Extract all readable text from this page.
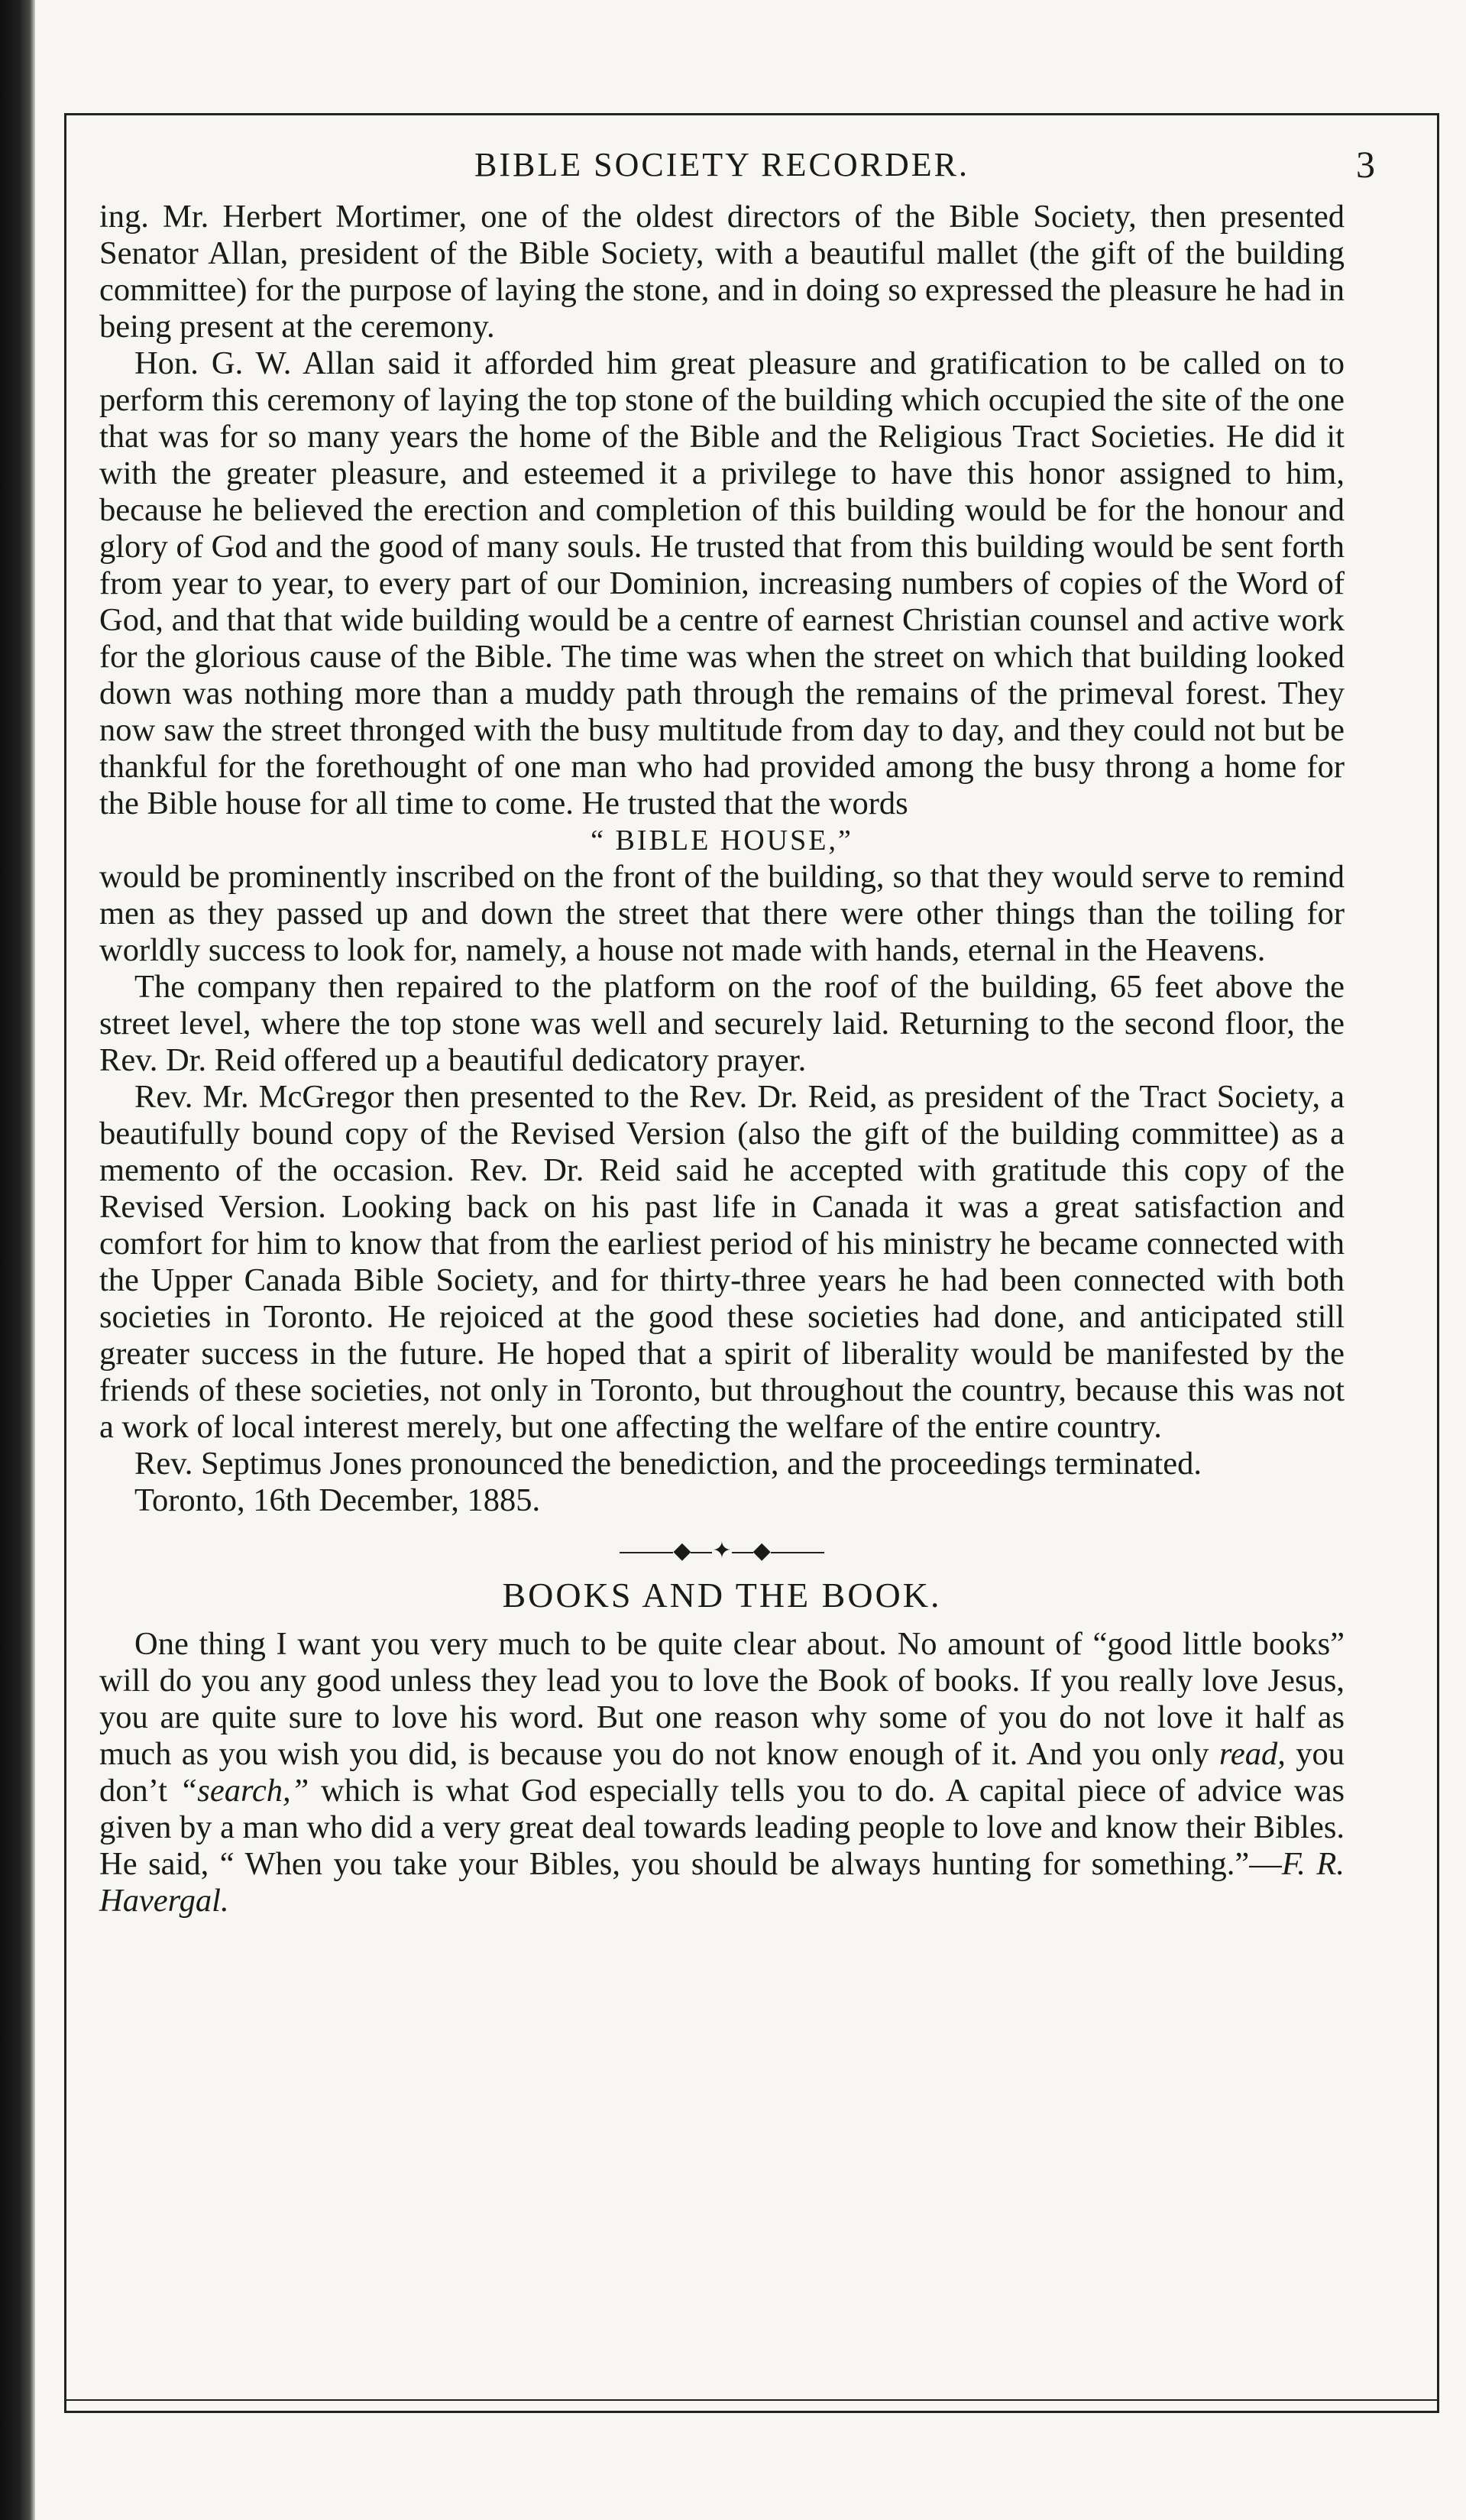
BIBLE SOCIETY RECORDER.	3

ing. Mr. Herbert Mortimer, one of the oldest directors of the Bible Society, then presented Senator Allan, president of the Bible Society, with a beautiful mallet (the gift of the building committee) for the purpose of laying the stone, and in doing so expressed the pleasure he had in being present at the ceremony.

Hon. G. W. Allan said it afforded him great pleasure and gratification to be called on to perform this ceremony of laying the top stone of the building which occupied the site of the one that was for so many years the home of the Bible and the Religious Tract Societies. He did it with the greater pleasure, and esteemed it a privilege to have this honor assigned to him, because he believed the erection and completion of this building would be for the honour and glory of God and the good of many souls. He trusted that from this building would be sent forth from year to year, to every part of our Dominion, increasing numbers of copies of the Word of God, and that that wide building would be a centre of earnest Christian counsel and active work for the glorious cause of the Bible. The time was when the street on which that building looked down was nothing more than a muddy path through the remains of the primeval forest. They now saw the street thronged with the busy multitude from day to day, and they could not but be thankful for the forethought of one man who had provided among the busy throng a home for the Bible house for all time to come. He trusted that the words

“ BIBLE HOUSE,”

would be prominently inscribed on the front of the building, so that they would serve to remind men as they passed up and down the street that there were other things than the toiling for worldly success to look for, namely, a house not made with hands, eternal in the Heavens.

The company then repaired to the platform on the roof of the building, 65 feet above the street level, where the top stone was well and securely laid. Returning to the second floor, the Rev. Dr. Reid offered up a beautiful dedicatory prayer.

Rev. Mr. McGregor then presented to the Rev. Dr. Reid, as president of the Tract Society, a beautifully bound copy of the Revised Version (also the gift of the building committee) as a memento of the occasion. Rev. Dr. Reid said he accepted with gratitude this copy of the Revised Version. Looking back on his past life in Canada it was a great satisfaction and comfort for him to know that from the earliest period of his ministry he became connected with the Upper Canada Bible Society, and for thirty-three years he had been connected with both societies in Toronto. He rejoiced at the good these societies had done, and anticipated still greater success in the future. He hoped that a spirit of liberality would be manifested by the friends of these societies, not only in Toronto, but throughout the country, because this was not a work of local interest merely, but one affecting the welfare of the entire country.

Rev. Septimus Jones pronounced the benediction, and the proceedings terminated.

Toronto, 16th December, 1885.

◆ ✦ ◆
BOOKS AND THE BOOK.

One thing I want you very much to be quite clear about. No amount of “good little books” will do you any good unless they lead you to love the Book of books. If you really love Jesus, you are quite sure to love his word. But one reason why some of you do not love it half as much as you wish you did, is because you do not know enough of it. And you only read, you don’t “search,” which is what God especially tells you to do. A capital piece of advice was given by a man who did a very great deal towards leading people to love and know their Bibles. He said, “ When you take your Bibles, you should be always hunting for something.”—F. R. Havergal.
